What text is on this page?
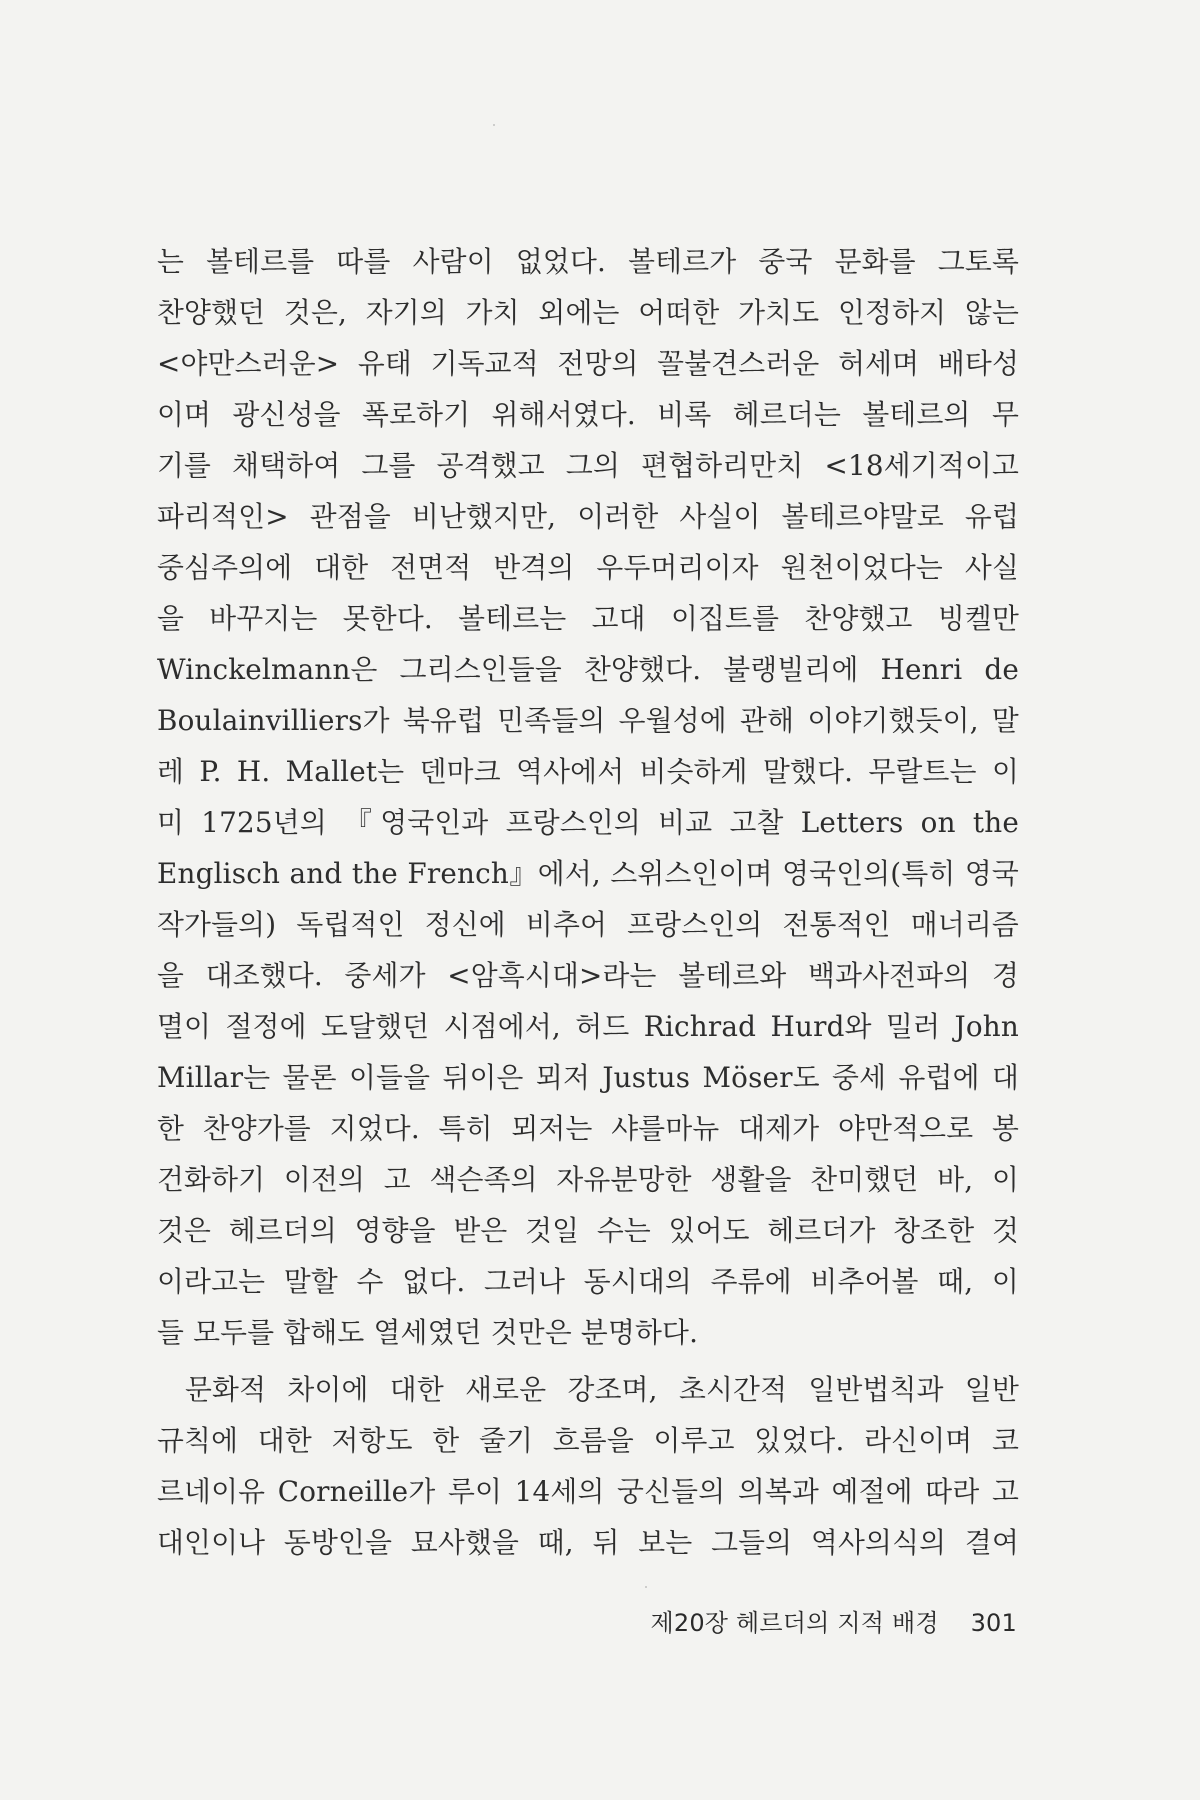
는 볼테르를 따를 사람이 없었다. 볼테르가 중국 문화를 그토록
찬양했던 것은, 자기의 가치 외에는 어떠한 가치도 인정하지 않는
<야만스러운> 유태 기독교적 전망의 꼴불견스러운 허세며 배타성
이며 광신성을 폭로하기 위해서였다. 비록 헤르더는 볼테르의 무
기를 채택하여 그를 공격했고 그의 편협하리만치 <18세기적이고
파리적인> 관점을 비난했지만, 이러한 사실이 볼테르야말로 유럽
중심주의에 대한 전면적 반격의 우두머리이자 원천이었다는 사실
을 바꾸지는 못한다. 볼테르는 고대 이집트를 찬양했고 빙켈만
Winckelmann은 그리스인들을 찬양했다. 불랭빌리에 Henri de
Boulainvilliers가 북유럽 민족들의 우월성에 관해 이야기했듯이, 말
레 P. H. Mallet는 덴마크 역사에서 비슷하게 말했다. 무랄트는 이
미 1725년의 『영국인과 프랑스인의 비교 고찰 Letters on the
Englisch and the French』에서, 스위스인이며 영국인의(특히 영국
작가들의) 독립적인 정신에 비추어 프랑스인의 전통적인 매너리즘
을 대조했다. 중세가 <암흑시대>라는 볼테르와 백과사전파의 경
멸이 절정에 도달했던 시점에서, 허드 Richrad Hurd와 밀러 John
Millar는 물론 이들을 뒤이은 뫼저 Justus Möser도 중세 유럽에 대
한 찬양가를 지었다. 특히 뫼저는 샤를마뉴 대제가 야만적으로 봉
건화하기 이전의 고 색슨족의 자유분망한 생활을 찬미했던 바, 이
것은 헤르더의 영향을 받은 것일 수는 있어도 헤르더가 창조한 것
이라고는 말할 수 없다. 그러나 동시대의 주류에 비추어볼 때, 이
들 모두를 합해도 열세였던 것만은 분명하다.
문화적 차이에 대한 새로운 강조며, 초시간적 일반법칙과 일반
규칙에 대한 저항도 한 줄기 흐름을 이루고 있었다. 라신이며 코
르네이유 Corneille가 루이 14세의 궁신들의 의복과 예절에 따라 고
대인이나 동방인을 묘사했을 때, 뒤 보는 그들의 역사의식의 결여
제20장 헤르더의 지적 배경 301
